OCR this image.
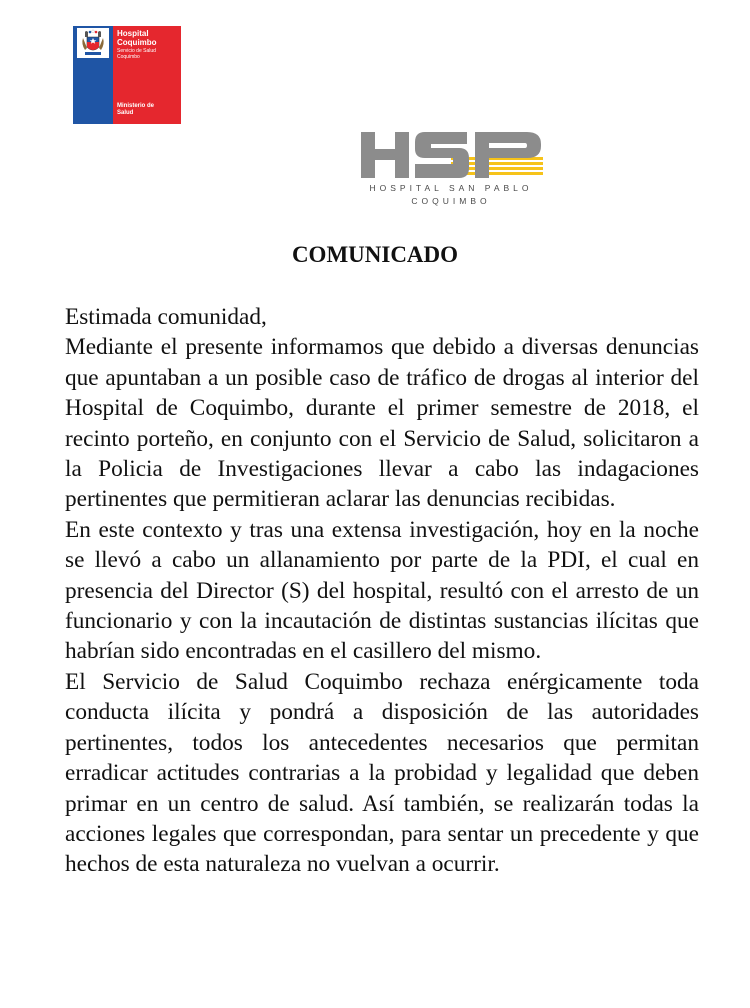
Hospital
Coquimbo
Servicio de Salud
Coquimbo
Ministerio de
Salud
HOSPITAL SAN PABLO
COQUIMBO
COMUNICADO

Estimada comunidad,

Mediante el presente informamos que debido a diversas denuncias que apuntaban a un posible caso de tráfico de drogas al interior del Hospital de Coquimbo, durante el primer semestre de 2018, el recinto porteño, en conjunto con el Servicio de Salud, solicitaron a la Policia de Investigaciones llevar a cabo las indagaciones pertinentes que permitieran aclarar las denuncias recibidas.

En este contexto y tras una extensa investigación, hoy en la noche se llevó a cabo un allanamiento por parte de la PDI, el cual en presencia del Director (S) del hospital, resultó con el arresto de un funcionario y con la incautación de distintas sustancias ilícitas que habrían sido encontradas en el casillero del mismo.

El Servicio de Salud Coquimbo rechaza enérgicamente toda conducta ilícita y pondrá a disposición de las autoridades pertinentes, todos los antecedentes necesarios que permitan erradicar actitudes contrarias a la probidad y legalidad que deben primar en un centro de salud. Así también, se realizarán todas la acciones legales que correspondan, para sentar un precedente y que hechos de esta naturaleza no vuelvan a ocurrir.
